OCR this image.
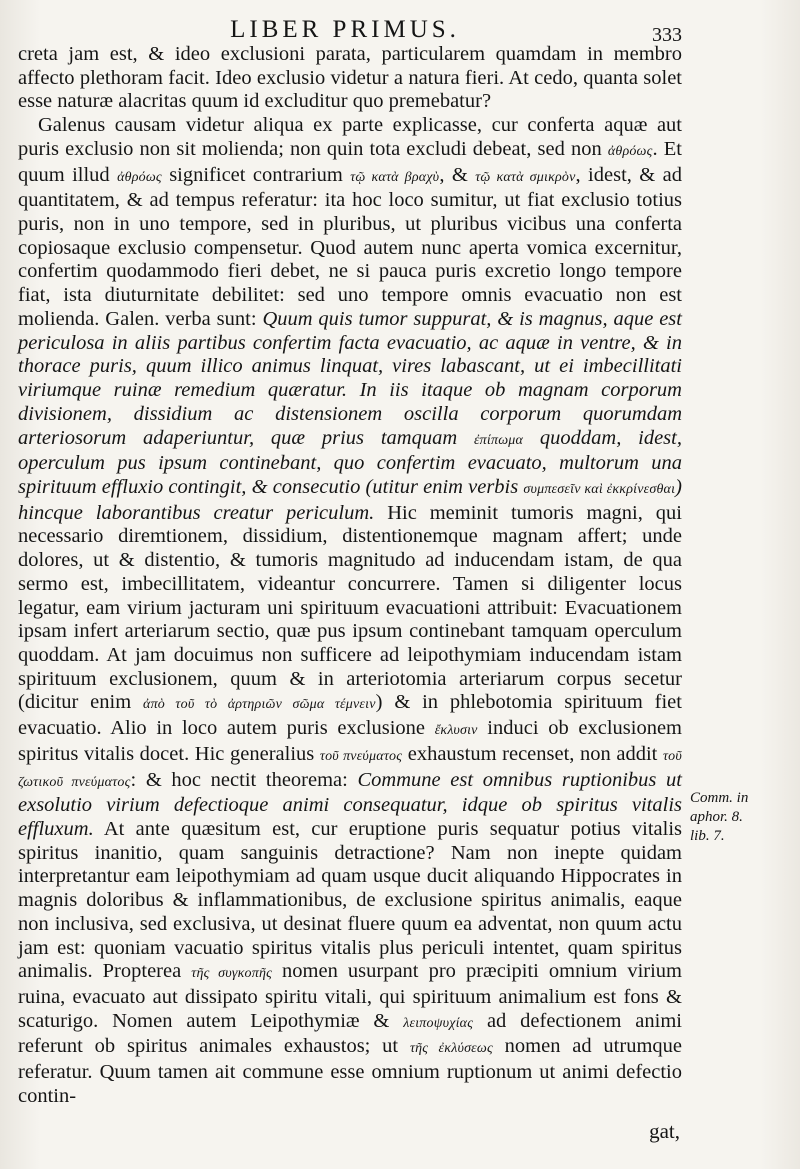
LIBER PRIMUS.	333

creta jam est, & ideo exclusioni parata, particularem quamdam in membro affecto plethoram facit. Ideo exclusio videtur a natura fieri. At cedo, quanta solet esse naturæ alacritas quum id excluditur quo premebatur?

Galenus causam videtur aliqua ex parte explicasse, cur conferta aquæ aut puris exclusio non sit molienda; non quin tota excludi debeat, sed non ἀθρόως. Et quum illud ἀθρόως significet contrarium τῷ κατὰ βραχὺ, & τῷ κατὰ σμικρὸν, idest, & ad quantitatem, & ad tempus referatur: ita hoc loco sumitur, ut fiat exclusio totius puris, non in uno tempore, sed in pluribus, ut pluribus vicibus una conferta copiosaque exclusio compensetur. Quod autem nunc aperta vomica excernitur, confertim quodammodo fieri debet, ne si pauca puris excretio longo tempore fiat, ista diuturnitate debilitet: sed uno tempore omnis evacuatio non est molienda. Galen. verba sunt: Quum quis tumor suppurat, & is magnus, aque est periculosa in aliis partibus confertim facta evacuatio, ac aquæ in ventre, & in thorace puris, quum illico animus linquat, vires labascant, ut ei imbecillitati viriumque ruinæ remedium quæratur. In iis itaque ob magnam corporum divisionem, dissidium ac distensionem oscilla corporum quorumdam arteriosorum adaperiuntur, quæ prius tamquam ἐπίπωμα quoddam, idest, operculum pus ipsum continebant, quo confertim evacuato, multorum una spirituum effluxio contingit, & consecutio (utitur enim verbis συμπεσεῖν καὶ ἐκκρίνεσθαι) hincque laborantibus creatur periculum. Hic meminit tumoris magni, qui necessario diremtionem, dissidium, distentionemque magnam affert; unde dolores, ut & distentio, & tumoris magnitudo ad inducendam istam, de qua sermo est, imbecillitatem, videantur concurrere. Tamen si diligenter locus legatur, eam virium jacturam uni spirituum evacuationi attribuit: Evacuationem ipsam infert arteriarum sectio, quæ pus ipsum continebant tamquam operculum quoddam. At jam docuimus non sufficere ad leipothymiam inducendam istam spirituum exclusionem, quum & in arteriotomia arteriarum corpus secetur (dicitur enim ἀπὸ τοῦ τὸ ἀρτηριῶν σῶμα τέμνειν) & in phlebotomia spirituum fiet evacuatio. Alio in loco autem puris exclusione ἔκλυσιν induci ob exclusionem spiritus vitalis docet. Hic generalius τοῦ πνεύματος exhaustum recenset, non addit τοῦ ζωτικοῦ πνεύματος: & hoc nectit theorema: Commune est omnibus ruptionibus ut exsolutio virium defectioque animi consequatur, idque ob spiritus vitalis effluxum. At ante quæsitum est, cur eruptione puris sequatur potius vitalis spiritus inanitio, quam sanguinis detractione? Nam non inepte quidam interpretantur eam leipothymiam ad quam usque ducit aliquando Hippocrates in magnis doloribus & inflammationibus, de exclusione spiritus animalis, eaque non inclusiva, sed exclusiva, ut desinat fluere quum ea adventat, non quum actu jam est: quoniam vacuatio spiritus vitalis plus periculi intentet, quam spiritus animalis. Propterea τῆς συγκοπῆς nomen usurpant pro præcipiti omnium virium ruina, evacuato aut dissipato spiritu vitali, qui spirituum animalium est fons & scaturigo. Nomen autem Leipothymiæ & λειποψυχίας ad defectionem animi referunt ob spiritus animales exhaustos; ut τῆς ἐκλύσεως nomen ad utrumque referatur. Quum tamen ait commune esse omnium ruptionum ut animi defectio contin-

Comm. in
aphor. 8.
lib. 7.
gat,
